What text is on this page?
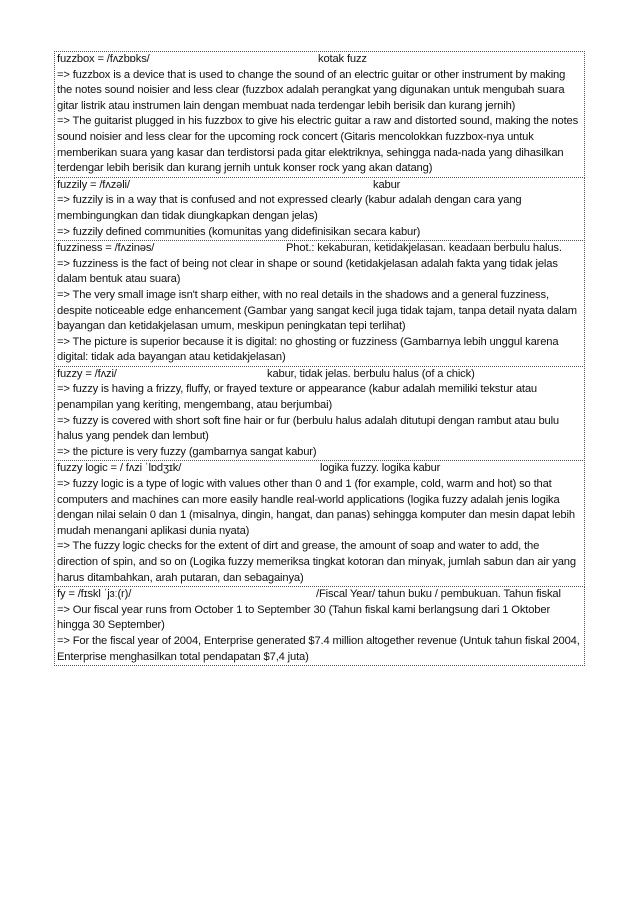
fuzzbox = /fʌzbɒks/	kotak fuzz
=> fuzzbox is a device that is used to change the sound of an electric guitar or other instrument by making
the notes sound noisier and less clear (fuzzbox adalah perangkat yang digunakan untuk mengubah suara
gitar listrik atau instrumen lain dengan membuat nada terdengar lebih berisik dan kurang jernih)
=> The guitarist plugged in his fuzzbox to give his electric guitar a raw and distorted sound, making the notes
sound noisier and less clear for the upcoming rock concert (Gitaris mencolokkan fuzzbox-nya untuk
memberikan suara yang kasar dan terdistorsi pada gitar elektriknya, sehingga nada-nada yang dihasilkan
terdengar lebih berisik dan kurang jernih untuk konser rock yang akan datang)
fuzzily = /fʌzəli/	kabur
=> fuzzily is in a way that is confused and not expressed clearly (kabur adalah dengan cara yang
membingungkan dan tidak diungkapkan dengan jelas)
=> fuzzily defined communities (komunitas yang didefinisikan secara kabur)
fuzziness = /fʌzinəs/	Phot.: kekaburan, ketidakjelasan. keadaan berbulu halus.
=> fuzziness is the fact of being not clear in shape or sound (ketidakjelasan adalah fakta yang tidak jelas
dalam bentuk atau suara)
=> The very small image isn't sharp either, with no real details in the shadows and a general fuzziness,
despite noticeable edge enhancement (Gambar yang sangat kecil juga tidak tajam, tanpa detail nyata dalam
bayangan dan ketidakjelasan umum, meskipun peningkatan tepi terlihat)
=> The picture is superior because it is digital: no ghosting or fuzziness (Gambarnya lebih unggul karena
digital: tidak ada bayangan atau ketidakjelasan)
fuzzy = /fʌzi/	kabur, tidak jelas. berbulu halus (of a chick)
=> fuzzy is having a frizzy, fluffy, or frayed texture or appearance (kabur adalah memiliki tekstur atau
penampilan yang keriting, mengembang, atau berjumbai)
=> fuzzy is covered with short soft fine hair or fur (berbulu halus adalah ditutupi dengan rambut atau bulu
halus yang pendek dan lembut)
=> the picture is very fuzzy (gambarnya sangat kabur)
fuzzy logic = / fʌzi ˈlɒdʒɪk/	logika fuzzy. logika kabur
=> fuzzy logic is a type of logic with values other than 0 and 1 (for example, cold, warm and hot) so that
computers and machines can more easily handle real-world applications (logika fuzzy adalah jenis logika
dengan nilai selain 0 dan 1 (misalnya, dingin, hangat, dan panas) sehingga komputer dan mesin dapat lebih
mudah menangani aplikasi dunia nyata)
=> The fuzzy logic checks for the extent of dirt and grease, the amount of soap and water to add, the
direction of spin, and so on (Logika fuzzy memeriksa tingkat kotoran dan minyak, jumlah sabun dan air yang
harus ditambahkan, arah putaran, dan sebagainya)
fy = /fɪskl ˈjɜː(r)/	/Fiscal Year/ tahun buku / pembukuan. Tahun fiskal
=> Our fiscal year runs from October 1 to September 30 (Tahun fiskal kami berlangsung dari 1 Oktober
hingga 30 September)
=> For the fiscal year of 2004, Enterprise generated $7.4 million altogether revenue (Untuk tahun fiskal 2004,
Enterprise menghasilkan total pendapatan $7,4 juta)
